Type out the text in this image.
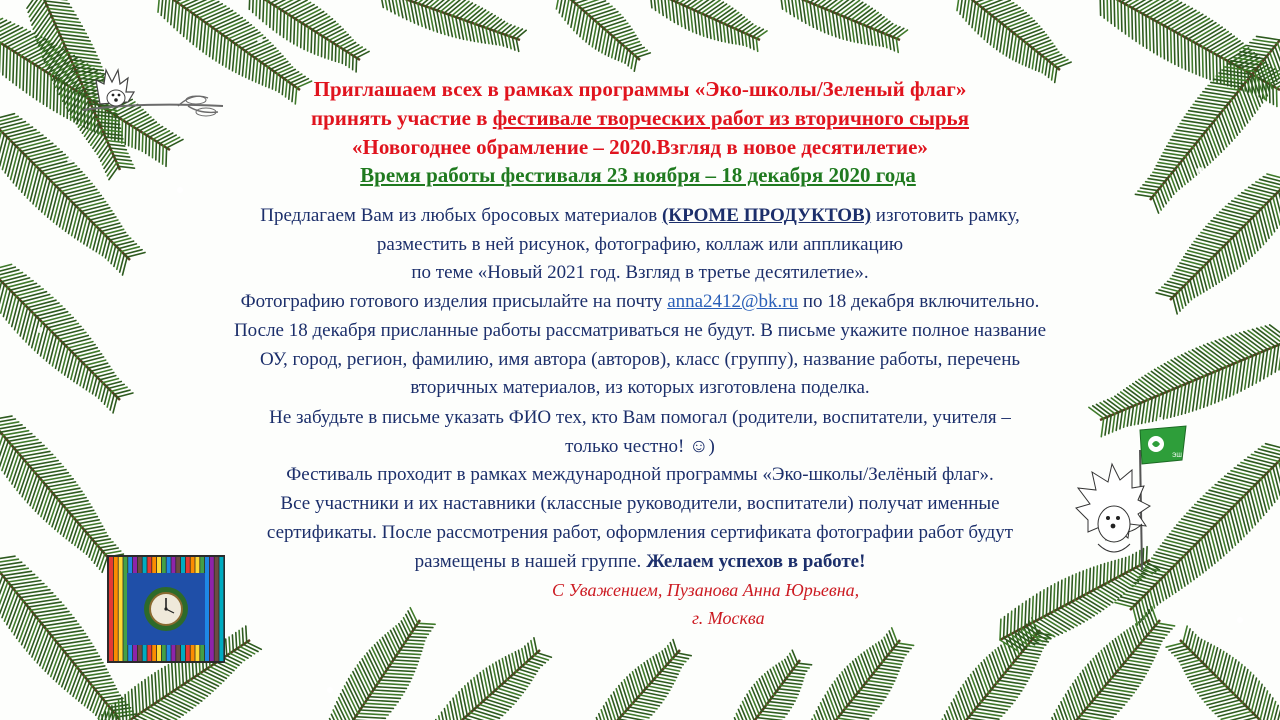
ЭШ
Приглашаем всех в рамках программы «Эко-школы/Зеленый флаг»
принять участие в фестивале творческих работ из вторичного сырья
«Новогоднее обрамление – 2020.Взгляд в новое десятилетие»
Время работы фестиваля 23 ноября – 18 декабря 2020 года
Предлагаем Вам из любых бросовых материалов (КРОМЕ ПРОДУКТОВ) изготовить рамку,
разместить в ней рисунок, фотографию, коллаж или аппликацию
по теме «Новый 2021 год. Взгляд в третье десятилетие».
Фотографию готового изделия присылайте на почту anna2412@bk.ru по 18 декабря включительно.
После 18 декабря присланные работы рассматриваться не будут. В письме укажите полное название
ОУ, город, регион, фамилию, имя автора (авторов), класс (группу), название работы, перечень
вторичных материалов, из которых изготовлена поделка.
Не забудьте в письме указать ФИО тех, кто Вам помогал (родители, воспитатели, учителя –
только честно! ☺)
Фестиваль проходит в рамках международной программы «Эко-школы/Зелёный флаг».
Все участники и их наставники (классные руководители, воспитатели) получат именные
сертификаты. После рассмотрения работ, оформления сертификата фотографии работ будут
размещены в нашей группе. Желаем успехов в работе!
С Уважением, Пузанова Анна Юрьевна,
г. Москва
